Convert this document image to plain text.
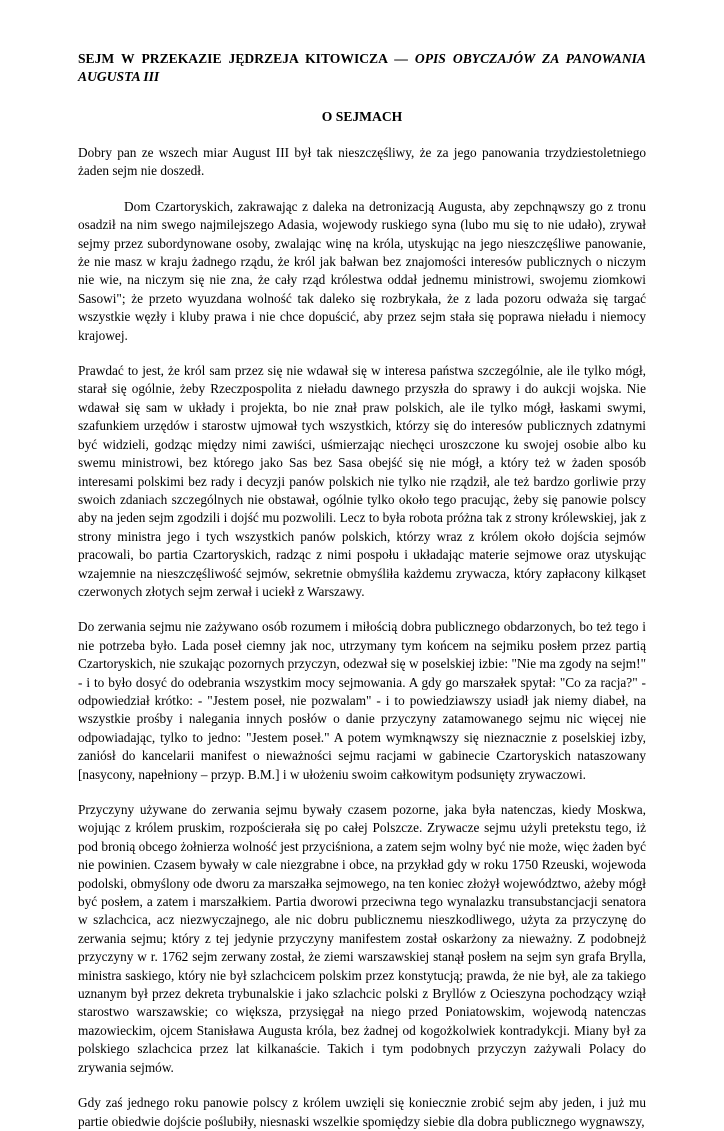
SEJM W PRZEKAZIE JĘDRZEJA KITOWICZA — OPIS OBYCZAJÓW ZA PANOWANIA AUGUSTA III
O SEJMACH

Dobry pan ze wszech miar August III był tak nieszczęśliwy, że za jego panowania trzydziestoletniego żaden sejm nie doszedł.

Dom Czartoryskich, zakrawając z daleka na detronizacją Augusta, aby zepchnąwszy go z tronu osadził na nim swego najmilejszego Adasia, wojewody ruskiego syna (lubo mu się to nie udało), zrywał sejmy przez subordynowane osoby, zwalając winę na króla, utyskując na jego nieszczęśliwe panowanie, że nie masz w kraju żadnego rządu, że król jak bałwan bez znajomości interesów publicznych o niczym nie wie, na niczym się nie zna, że cały rząd królestwa oddał jednemu ministrowi, swojemu ziomkowi Sasowi"; że przeto wyuzdana wolność tak daleko się rozbrykała, że z lada pozoru odważa się targać wszystkie węzły i kluby prawa i nie chce dopuścić, aby przez sejm stała się poprawa nieładu i niemocy krajowej.

Prawdać to jest, że król sam przez się nie wdawał się w interesa państwa szczególnie, ale ile tylko mógł, starał się ogólnie, żeby Rzeczpospolita z nieładu dawnego przyszła do sprawy i do aukcji wojska. Nie wdawał się sam w układy i projekta, bo nie znał praw polskich, ale ile tylko mógł, łaskami swymi, szafunkiem urzędów i starostw ujmował tych wszystkich, którzy się do interesów publicznych zdatnymi być widzieli, godząc między nimi zawiści, uśmierzając niechęci uroszczone ku swojej osobie albo ku swemu ministrowi, bez którego jako Sas bez Sasa obejść się nie mógł, a który też w żaden sposób interesami polskimi bez rady i decyzji panów polskich nie tylko nie rządził, ale też bardzo gorliwie przy swoich zdaniach szczególnych nie obstawał, ogólnie tylko około tego pracując, żeby się panowie polscy aby na jeden sejm zgodzili i dojść mu pozwolili. Lecz to była robota próżna tak z strony królewskiej, jak z strony ministra jego i tych wszystkich panów polskich, którzy wraz z królem około dojścia sejmów pracowali, bo partia Czartoryskich, radząc z nimi pospołu i układając materie sejmowe oraz utyskując wzajemnie na nieszczęśliwość sejmów, sekretnie obmyśliła każdemu zrywacza, który zapłacony kilkąset czerwonych złotych sejm zerwał i uciekł z Warszawy.

Do zerwania sejmu nie zażywano osób rozumem i miłością dobra publicznego obdarzonych, bo też tego i nie potrzeba było. Lada poseł ciemny jak noc, utrzymany tym końcem na sejmiku posłem przez partią Czartoryskich, nie szukając pozornych przyczyn, odezwał się w poselskiej izbie: "Nie ma zgody na sejm!" - i to było dosyć do odebrania wszystkim mocy sejmowania. A gdy go marszałek spytał: "Co za racja?" - odpowiedział krótko: - "Jestem poseł, nie pozwalam" - i to powiedziawszy usiadł jak niemy diabeł, na wszystkie prośby i nalegania innych posłów o danie przyczyny zatamowanego sejmu nic więcej nie odpowiadając, tylko to jedno: "Jestem poseł." A potem wymknąwszy się nieznacznie z poselskiej izby, zaniósł do kancelarii manifest o nieważności sejmu racjami w gabinecie Czartoryskich nataszowany [nasycony, napełniony – przyp. B.M.] i w ułożeniu swoim całkowitym podsunięty zrywaczowi.

Przyczyny używane do zerwania sejmu bywały czasem pozorne, jaka była natenczas, kiedy Moskwa, wojując z królem pruskim, rozpościerała się po całej Polszcze. Zrywacze sejmu użyli pretekstu tego, iż pod bronią obcego żołnierza wolność jest przyciśniona, a zatem sejm wolny być nie może, więc żaden być nie powinien. Czasem bywały w cale niezgrabne i obce, na przykład gdy w roku 1750 Rzeuski, wojewoda podolski, obmyślony ode dworu za marszałka sejmowego, na ten koniec złożył województwo, ażeby mógł być posłem, a zatem i marszałkiem. Partia dworowi przeciwna tego wynalazku transubstancjacji senatora w szlachcica, acz niezwyczajnego, ale nic dobru publicznemu nieszkodliwego, użyta za przyczynę do zerwania sejmu; który z tej jedynie przyczyny manifestem został oskarżony za nieważny. Z podobnejż przyczyny w r. 1762 sejm zerwany został, że ziemi warszawskiej stanął posłem na sejm syn grafa Brylla, ministra saskiego, który nie był szlachcicem polskim przez konstytucją; prawda, że nie był, ale za takiego uznanym był przez dekreta trybunalskie i jako szlachcic polski z Bryllów z Ocieszyna pochodzący wziął starostwo warszawskie; co większa, przysięgał na niego przed Poniatowskim, wojewodą natenczas mazowieckim, ojcem Stanisława Augusta króla, bez żadnej od kogożkolwiek kontradykcji. Miany był za polskiego szlachcica przez lat kilkanaście. Takich i tym podobnych przyczyn zażywali Polacy do zrywania sejmów.

Gdy zaś jednego roku panowie polscy z królem uwzięli się koniecznie zrobić sejm aby jeden, i już mu partie obiedwie dojście poślubiły, niesnaski wszelkie spomiędzy siebie dla dobra publicznego wygnawszy,
